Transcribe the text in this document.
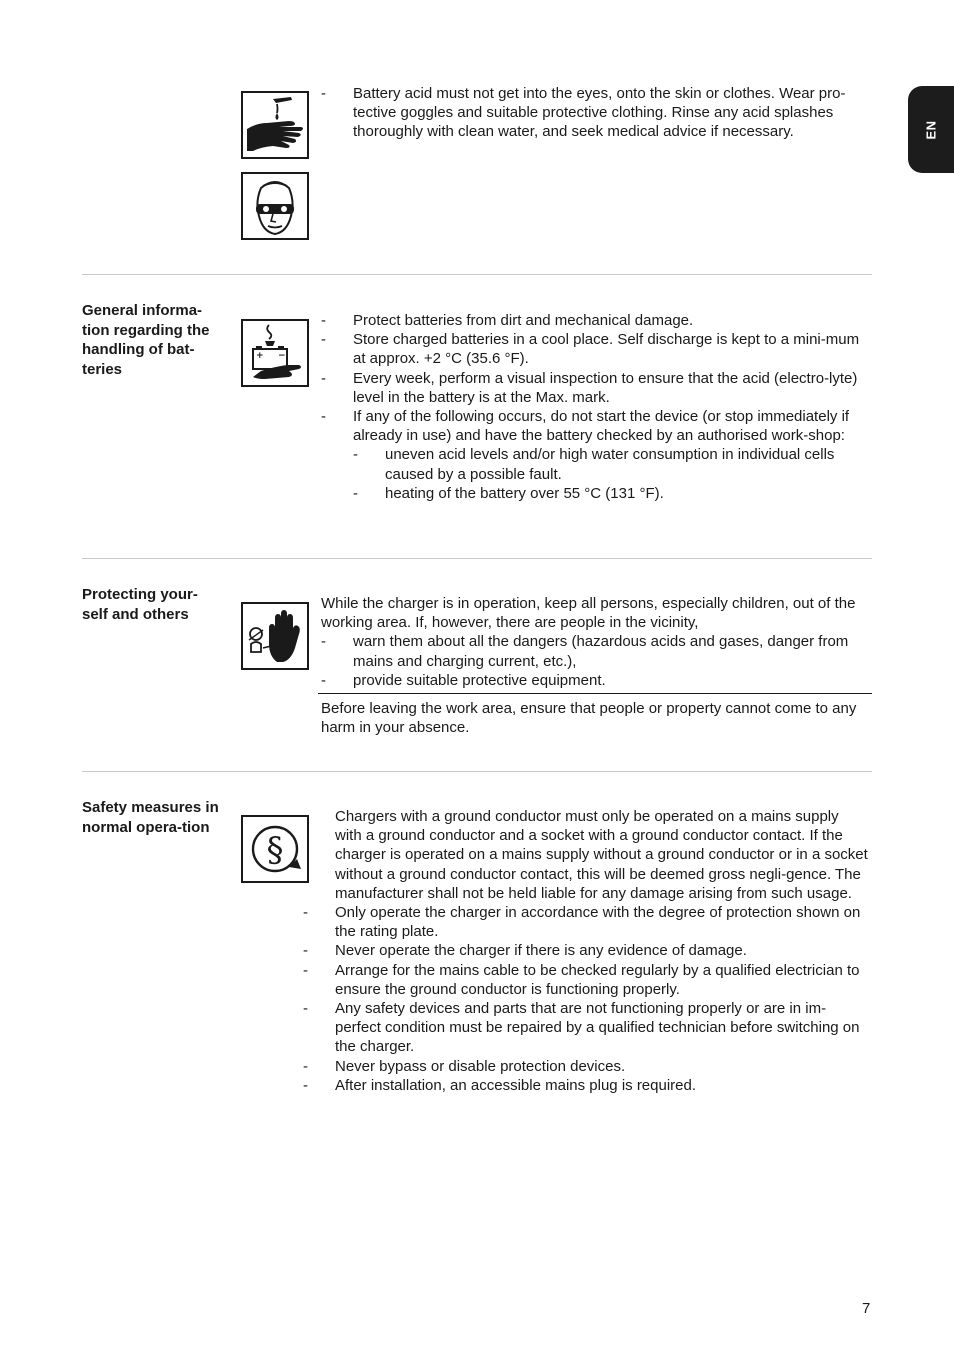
EN
- Battery acid must not get into the eyes, onto the skin or clothes. Wear pro-tective goggles and suitable protective clothing. Rinse any acid splashes thoroughly with clean water, and seek medical advice if necessary.
General informa-tion regarding the handling of bat-teries
+ −
- Protect batteries from dirt and mechanical damage.
- Store charged batteries in a cool place. Self discharge is kept to a mini-mum at approx. +2 °C (35.6 °F).
- Every week, perform a visual inspection to ensure that the acid (electro-lyte) level in the battery is at the Max. mark.
- If any of the following occurs, do not start the device (or stop immediately if already in use) and have the battery checked by an authorised work-shop:
- uneven acid levels and/or high water consumption in individual cells caused by a possible fault.
- heating of the battery over 55 °C (131 °F).
Protecting your-self and others
While the charger is in operation, keep all persons, especially children, out of the working area. If, however, there are people in the vicinity,
- warn them about all the dangers (hazardous acids and gases, danger from mains and charging current, etc.),
- provide suitable protective equipment.
Before leaving the work area, ensure that people or property cannot come to any harm in your absence.
Safety measures in normal opera-tion
§
Chargers with a ground conductor must only be operated on a mains supply with a ground conductor and a socket with a ground conductor contact. If the charger is operated on a mains supply without a ground conductor or in a socket without a ground conductor contact, this will be deemed gross negli-gence. The manufacturer shall not be held liable for any damage arising from such usage.
- Only operate the charger in accordance with the degree of protection shown on the rating plate.
- Never operate the charger if there is any evidence of damage.
- Arrange for the mains cable to be checked regularly by a qualified electrician to ensure the ground conductor is functioning properly.
- Any safety devices and parts that are not functioning properly or are in im-perfect condition must be repaired by a qualified technician before switching on the charger.
- Never bypass or disable protection devices.
- After installation, an accessible mains plug is required.
7
